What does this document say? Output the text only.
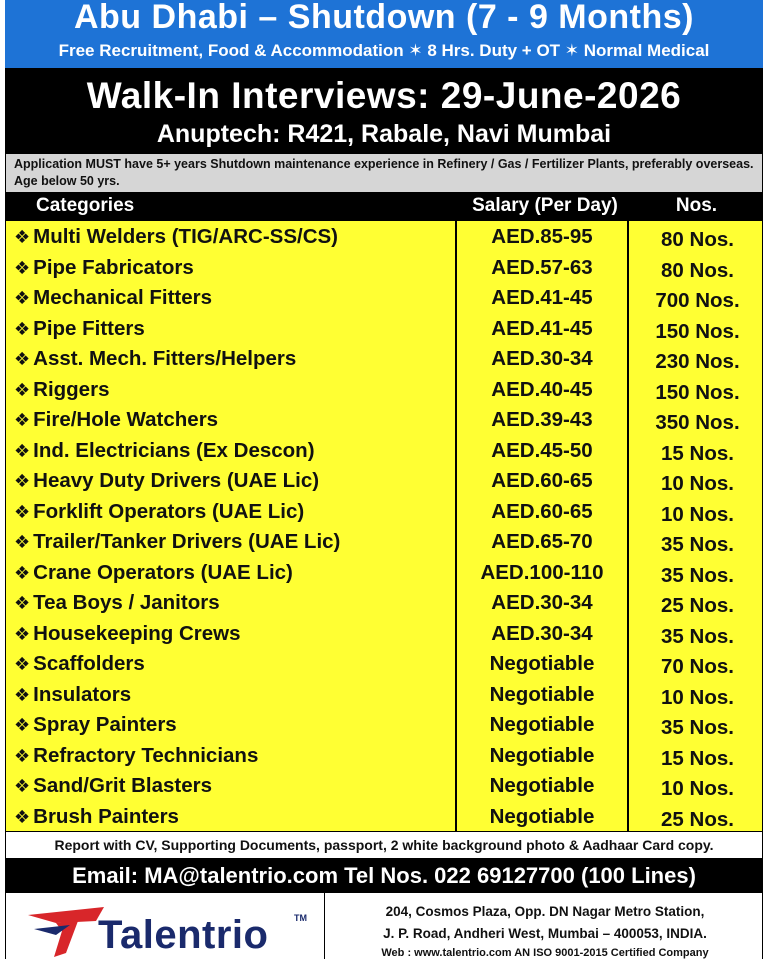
Abu Dhabi – Shutdown (7 - 9 Months)
Free Recruitment, Food & Accommodation ✶ 8 Hrs. Duty + OT ✶ Normal Medical
Walk-In Interviews: 29-June-2026
Anuptech: R421, Rabale, Navi Mumbai
Application MUST have 5+ years Shutdown maintenance experience in Refinery / Gas / Fertilizer Plants, preferably overseas. Age below 50 yrs.
Categories	Salary (Per Day)	Nos.
❖ Multi Welders (TIG/ARC-SS/CS)	AED.85-95	80 Nos.
❖ Pipe Fabricators	AED.57-63	80 Nos.
❖ Mechanical Fitters	AED.41-45	700 Nos.
❖ Pipe Fitters	AED.41-45	150 Nos.
❖ Asst. Mech. Fitters/Helpers	AED.30-34	230 Nos.
❖ Riggers	AED.40-45	150 Nos.
❖ Fire/Hole Watchers	AED.39-43	350 Nos.
❖ Ind. Electricians (Ex Descon)	AED.45-50	15 Nos.
❖ Heavy Duty Drivers (UAE Lic)	AED.60-65	10 Nos.
❖ Forklift Operators (UAE Lic)	AED.60-65	10 Nos.
❖ Trailer/Tanker Drivers (UAE Lic)	AED.65-70	35 Nos.
❖ Crane Operators (UAE Lic)	AED.100-110	35 Nos.
❖ Tea Boys / Janitors	AED.30-34	25 Nos.
❖ Housekeeping Crews	AED.30-34	35 Nos.
❖ Scaffolders	Negotiable	70 Nos.
❖ Insulators	Negotiable	10 Nos.
❖ Spray Painters	Negotiable	35 Nos.
❖ Refractory Technicians	Negotiable	15 Nos.
❖ Sand/Grit Blasters	Negotiable	10 Nos.
❖ Brush Painters	Negotiable	25 Nos.
Report with CV, Supporting Documents, passport, 2 white background photo & Aadhaar Card copy.
Email: MA@talentrio.com Tel Nos. 022 69127700 (100 Lines)
Talentrio	TM	204, Cosmos Plaza, Opp. DN Nagar Metro Station,
J. P. Road, Andheri West, Mumbai – 400053, INDIA.
Web : www.talentrio.com AN ISO 9001-2015 Certified Company
